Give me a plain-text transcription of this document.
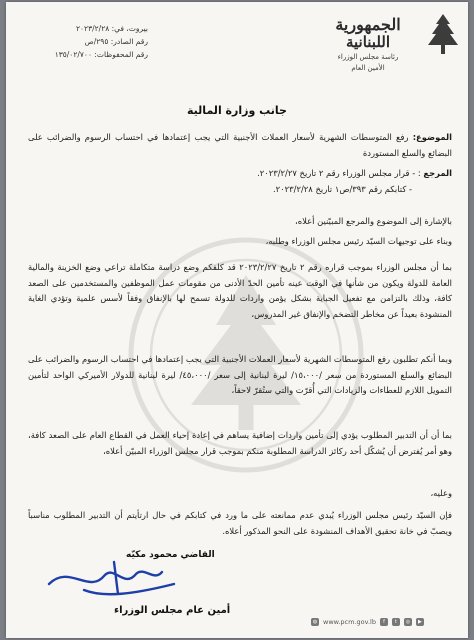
الجمهورية
اللبنانية
رئاسة مجلس الوزراء
الأمين العام
بيروت، في: ٢٠٢٣/٢/٢٨
رقم الصادر: ٢٩٥/ص
رقم المحفوظات: ١٣٥/٠٢/٧٠٠
جانب وزارة المالية
الموضوع: رفع المتوسطات الشهرية لأسعار العملات الأجنبية التي يجب إعتمادها في احتساب الرسوم والضرائب على البضائع والسلع المستوردة
المرجع : - قرار مجلس الوزراء رقم ٢ تاريخ ٢٠٢٣/٢/٢٧.
- كتابكم رقم ٣٩٣/ص١ تاريخ ٢٠٢٣/٢/٢٨.
بالإشارة إلى الموضوع والمرجع المبيّنين أعلاه،
وبناء على توجيهات السيّد رئيس مجلس الوزراء وطلبه،
بما أن مجلس الوزراء بموجب قراره رقم ٢ تاريخ ٢٠٢٣/٢/٢٧ قد كلفكم وضع دراسة متكاملة تراعي وضع الخزينة والمالية العامة للدولة ويكون من شأنها في الوقت عينه تأمين الحدّ الأدنى من مقومات عمل الموظفين والمستخدمين على الصعد كافة، وذلك بالتزامن مع تفعيل الجباية بشكل يؤمن واردات للدولة تسمح لها بالإنفاق وفقاً لأسس علمية وتؤدي الغاية المنشودة بعيداً عن مخاطر التضخم والإنفاق غير المدروس،
وبما أنكم تطلبون رفع المتوسطات الشهرية لأسعار العملات الأجنبية التي يجب إعتمادها في احتساب الرسوم والضرائب على البضائع والسلع المستوردة من سعر /١٥،٠٠٠/ ليرة لبنانية إلى سعر /٤٥،٠٠٠/ ليرة لبنانية للدولار الأميركي الواحد لتأمين التمويل اللازم للعطاءات والزيادات التي أُقرّت والتي ستُقرّ لاحقاً،
بما أن أن التدبير المطلوب يؤدي إلى تأمين واردات إضافية يساهم في إعادة إحياء العمل في القطاع العام على الصعد كافة، وهو أمر يُفترض أن يُشكّل أحد ركائز الدراسة المطلوبة منكم بموجب قرار مجلس الوزراء المبيّن أعلاه،
وعليه،
فإن السيّد رئيس مجلس الوزراء يُبدي عدم ممانعته على ما ورد في كتابكم في حال ارتأيتم أن التدبير المطلوب مناسباً ويصبّ في خانة تحقيق الأهداف المنشودة على النحو المذكور أعلاه.
القاضي محمود مكيّه
أمين عام مجلس الوزراء
◍ www.pcm.gov.lb	f	t	◎	▶
